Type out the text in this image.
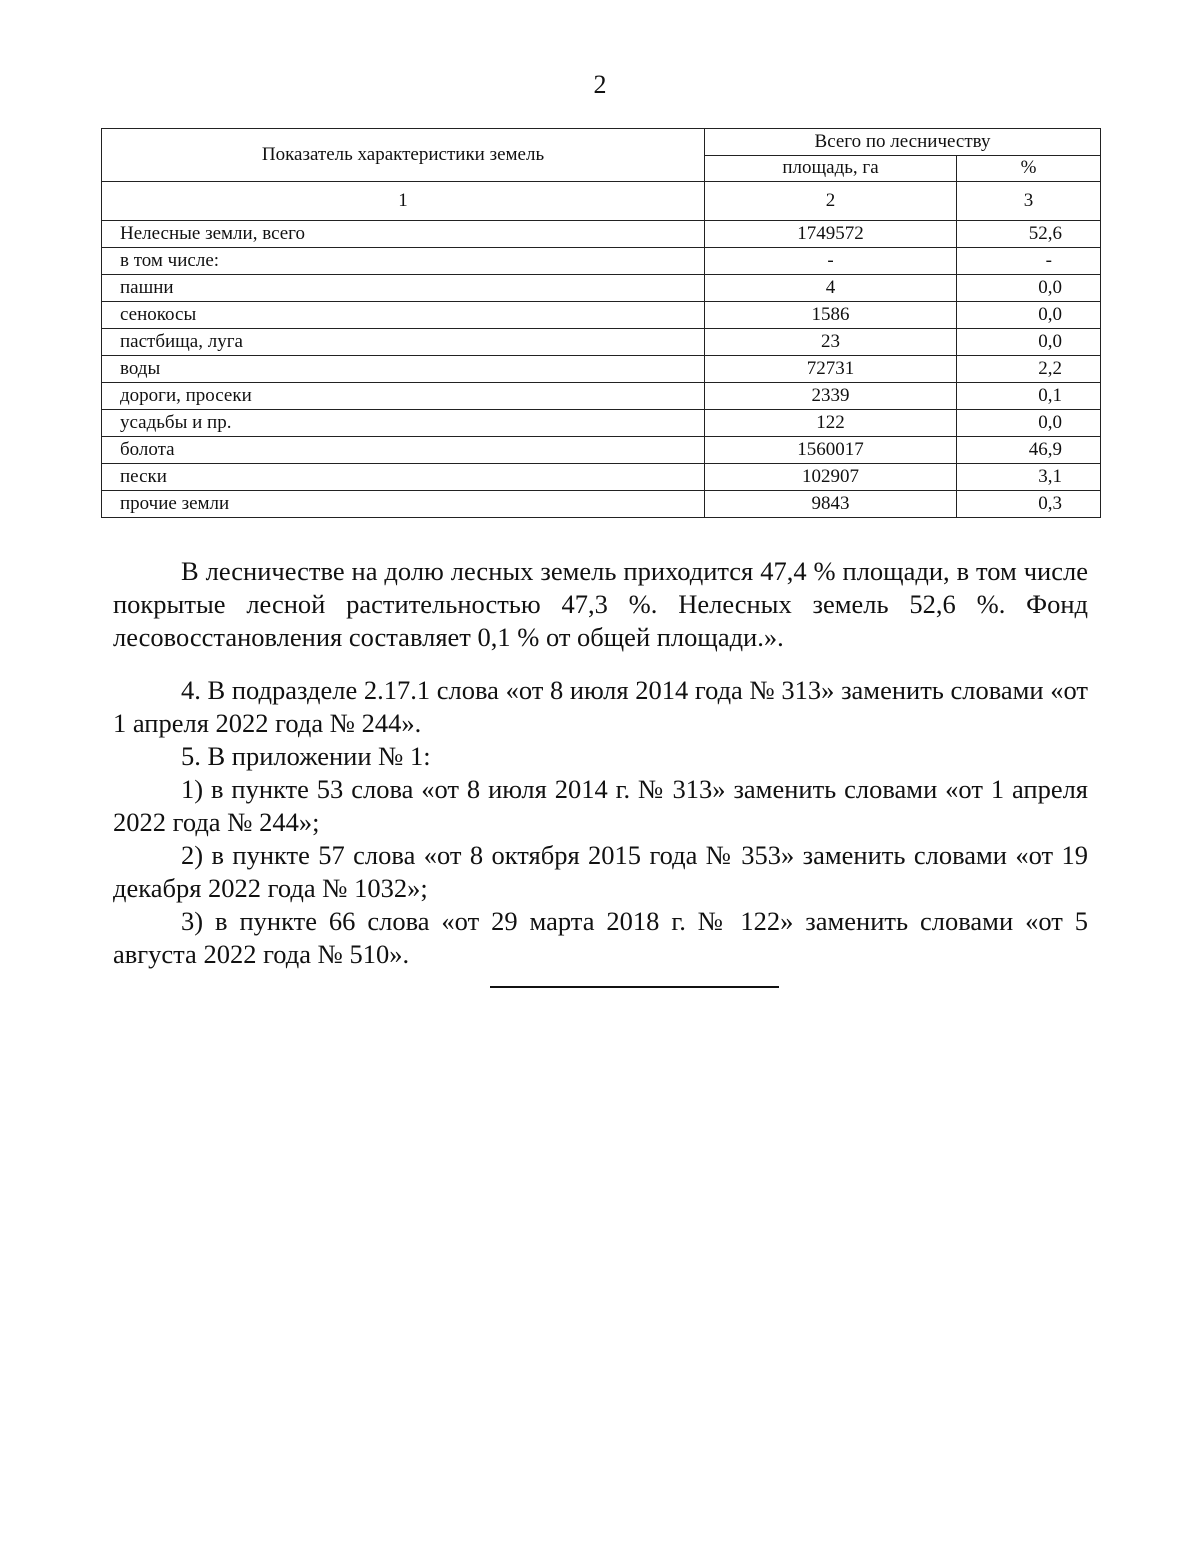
2
Показатель характеристики земель	Всего по лесничеству	
	площадь, га	%
1	2	3
Нелесные земли, всего	1749572	52,6
в том числе:	-	-
пашни	4	0,0
сенокосы	1586	0,0
пастбища, луга	23	0,0
воды	72731	2,2
дороги, просеки	2339	0,1
усадьбы и пр.	122	0,0
болота	1560017	46,9
пески	102907	3,1
прочие земли	9843	0,3

В лесничестве на долю лесных земель приходится 47,4 % площади, в том числе покрытые лесной растительностью 47,3 %. Нелесных земель 52,6 %. Фонд лесовосстановления составляет 0,1 % от общей площади.».

4. В подразделе 2.17.1 слова «от 8 июля 2014 года № 313» заменить словами «от 1 апреля 2022 года № 244».

5. В приложении № 1:

1) в пункте 53 слова «от 8 июля 2014 г. № 313» заменить словами «от 1 апреля 2022 года № 244»;

2) в пункте 57 слова «от 8 октября 2015 года № 353» заменить словами «от 19 декабря 2022 года № 1032»;

3) в пункте 66 слова «от 29 марта 2018 г. № 122» заменить словами «от 5 августа 2022 года № 510».
